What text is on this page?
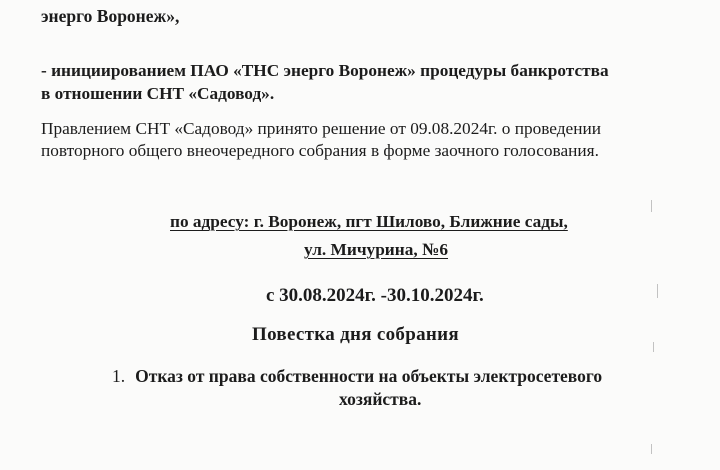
энерго Воронеж»,
- инициированием ПАО «ТНС энерго Воронеж» процедуры банкротства
в отношении СНТ «Садовод».
Правлением СНТ «Садовод» принято решение от 09.08.2024г. о проведении
повторного общего внеочередного собрания в форме заочного голосования.
по адресу: г. Воронеж, пгт Шилово, Ближние сады,
ул. Мичурина, №6
с 30.08.2024г. -30.10.2024г.
Повестка дня собрания
1. Отказ от права собственности на объекты электросетевого
хозяйства.
